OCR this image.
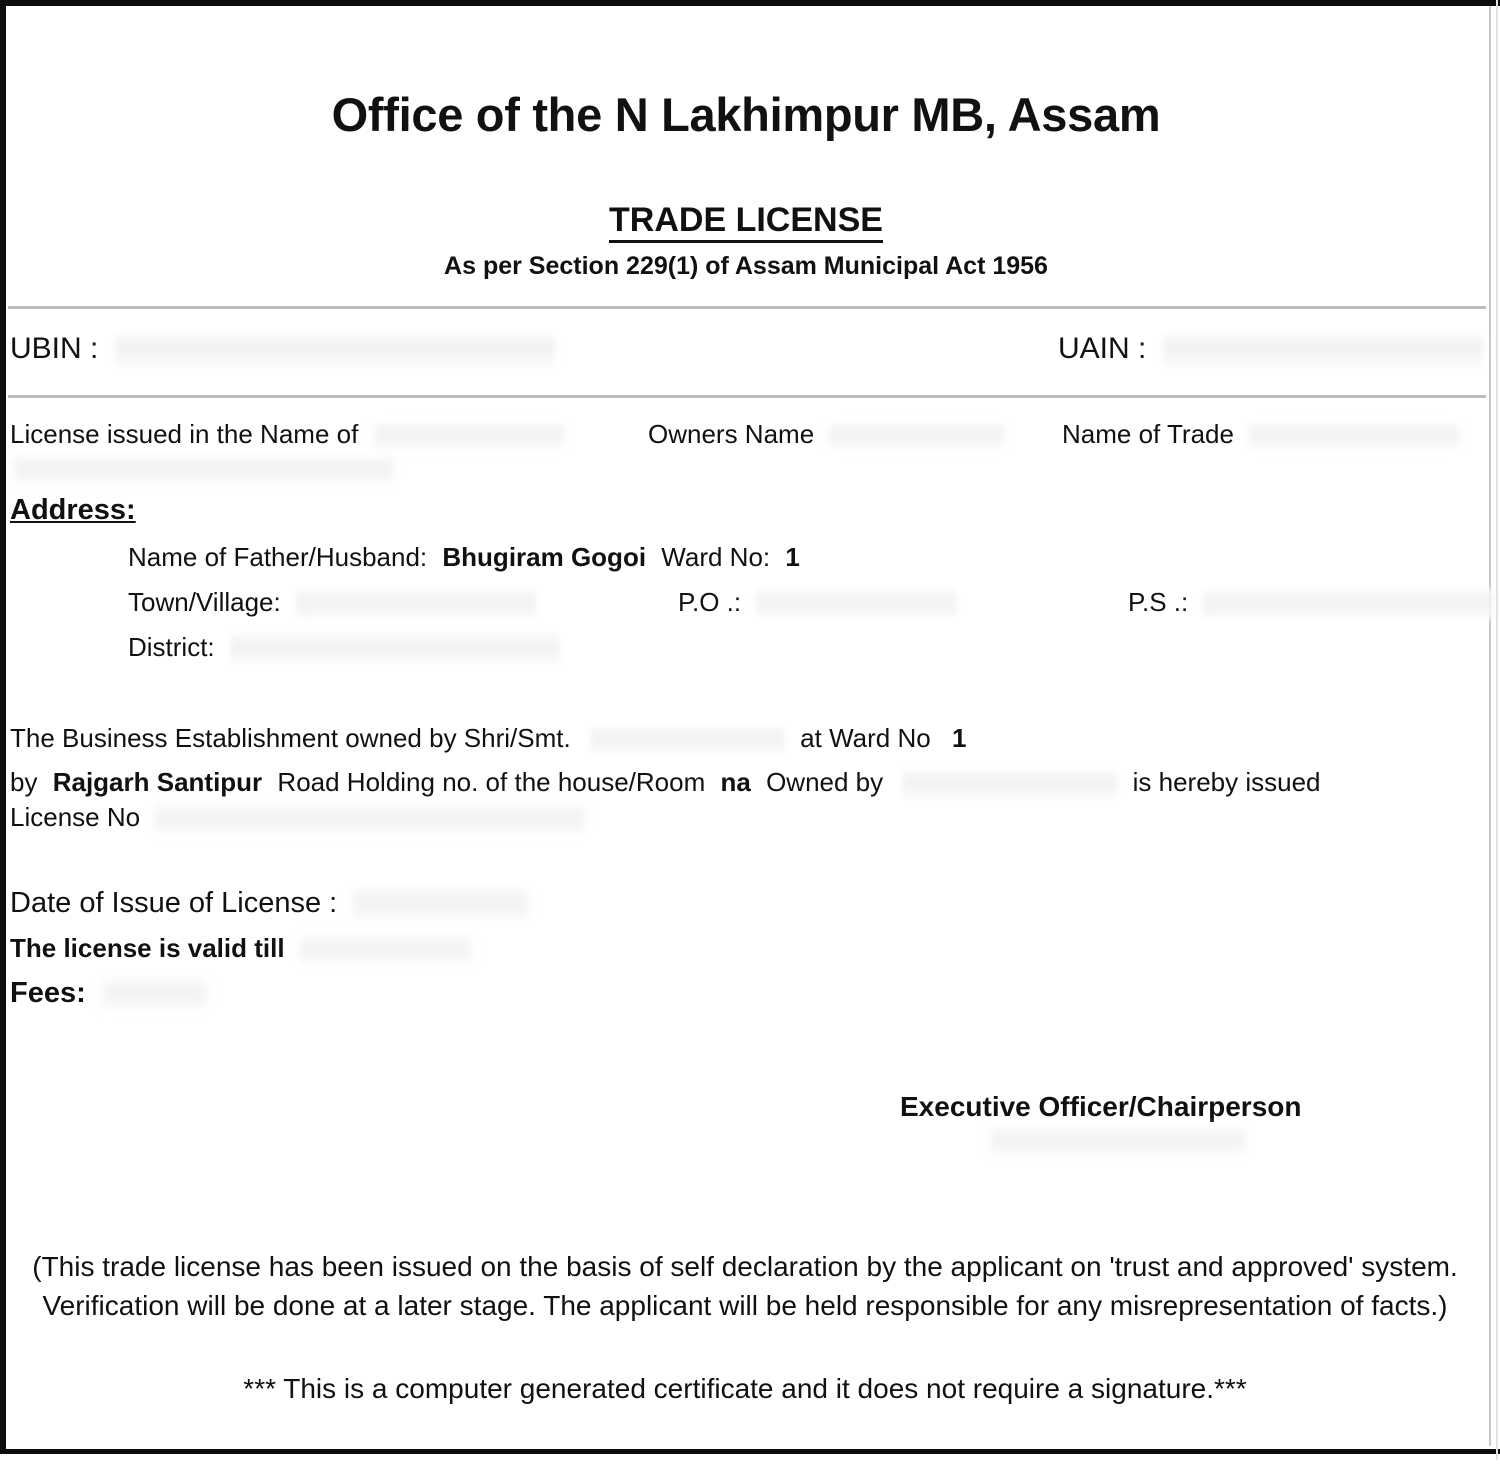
Office of the N Lakhimpur MB, Assam
TRADE LICENSE
As per Section 229(1) of Assam Municipal Act 1956
UBIN :	UAIN :
License issued in the Name of	Owners Name	Name of Trade
Address:
Name of Father/Husband: Bhugiram Gogoi Ward No: 1
Town/Village:	P.O .:	P.S .:
District:
The Business Establishment owned by Shri/Smt.	at Ward No 1
by Rajgarh Santipur Road Holding no. of the house/Room na Owned by	is hereby issued
License No
Date of Issue of License :
The license is valid till
Fees:
Executive Officer/Chairperson
(This trade license has been issued on the basis of self declaration by the applicant on 'trust and approved' system. Verification will be done at a later stage. The applicant will be held responsible for any misrepresentation of facts.)
*** This is a computer generated certificate and it does not require a signature.***
